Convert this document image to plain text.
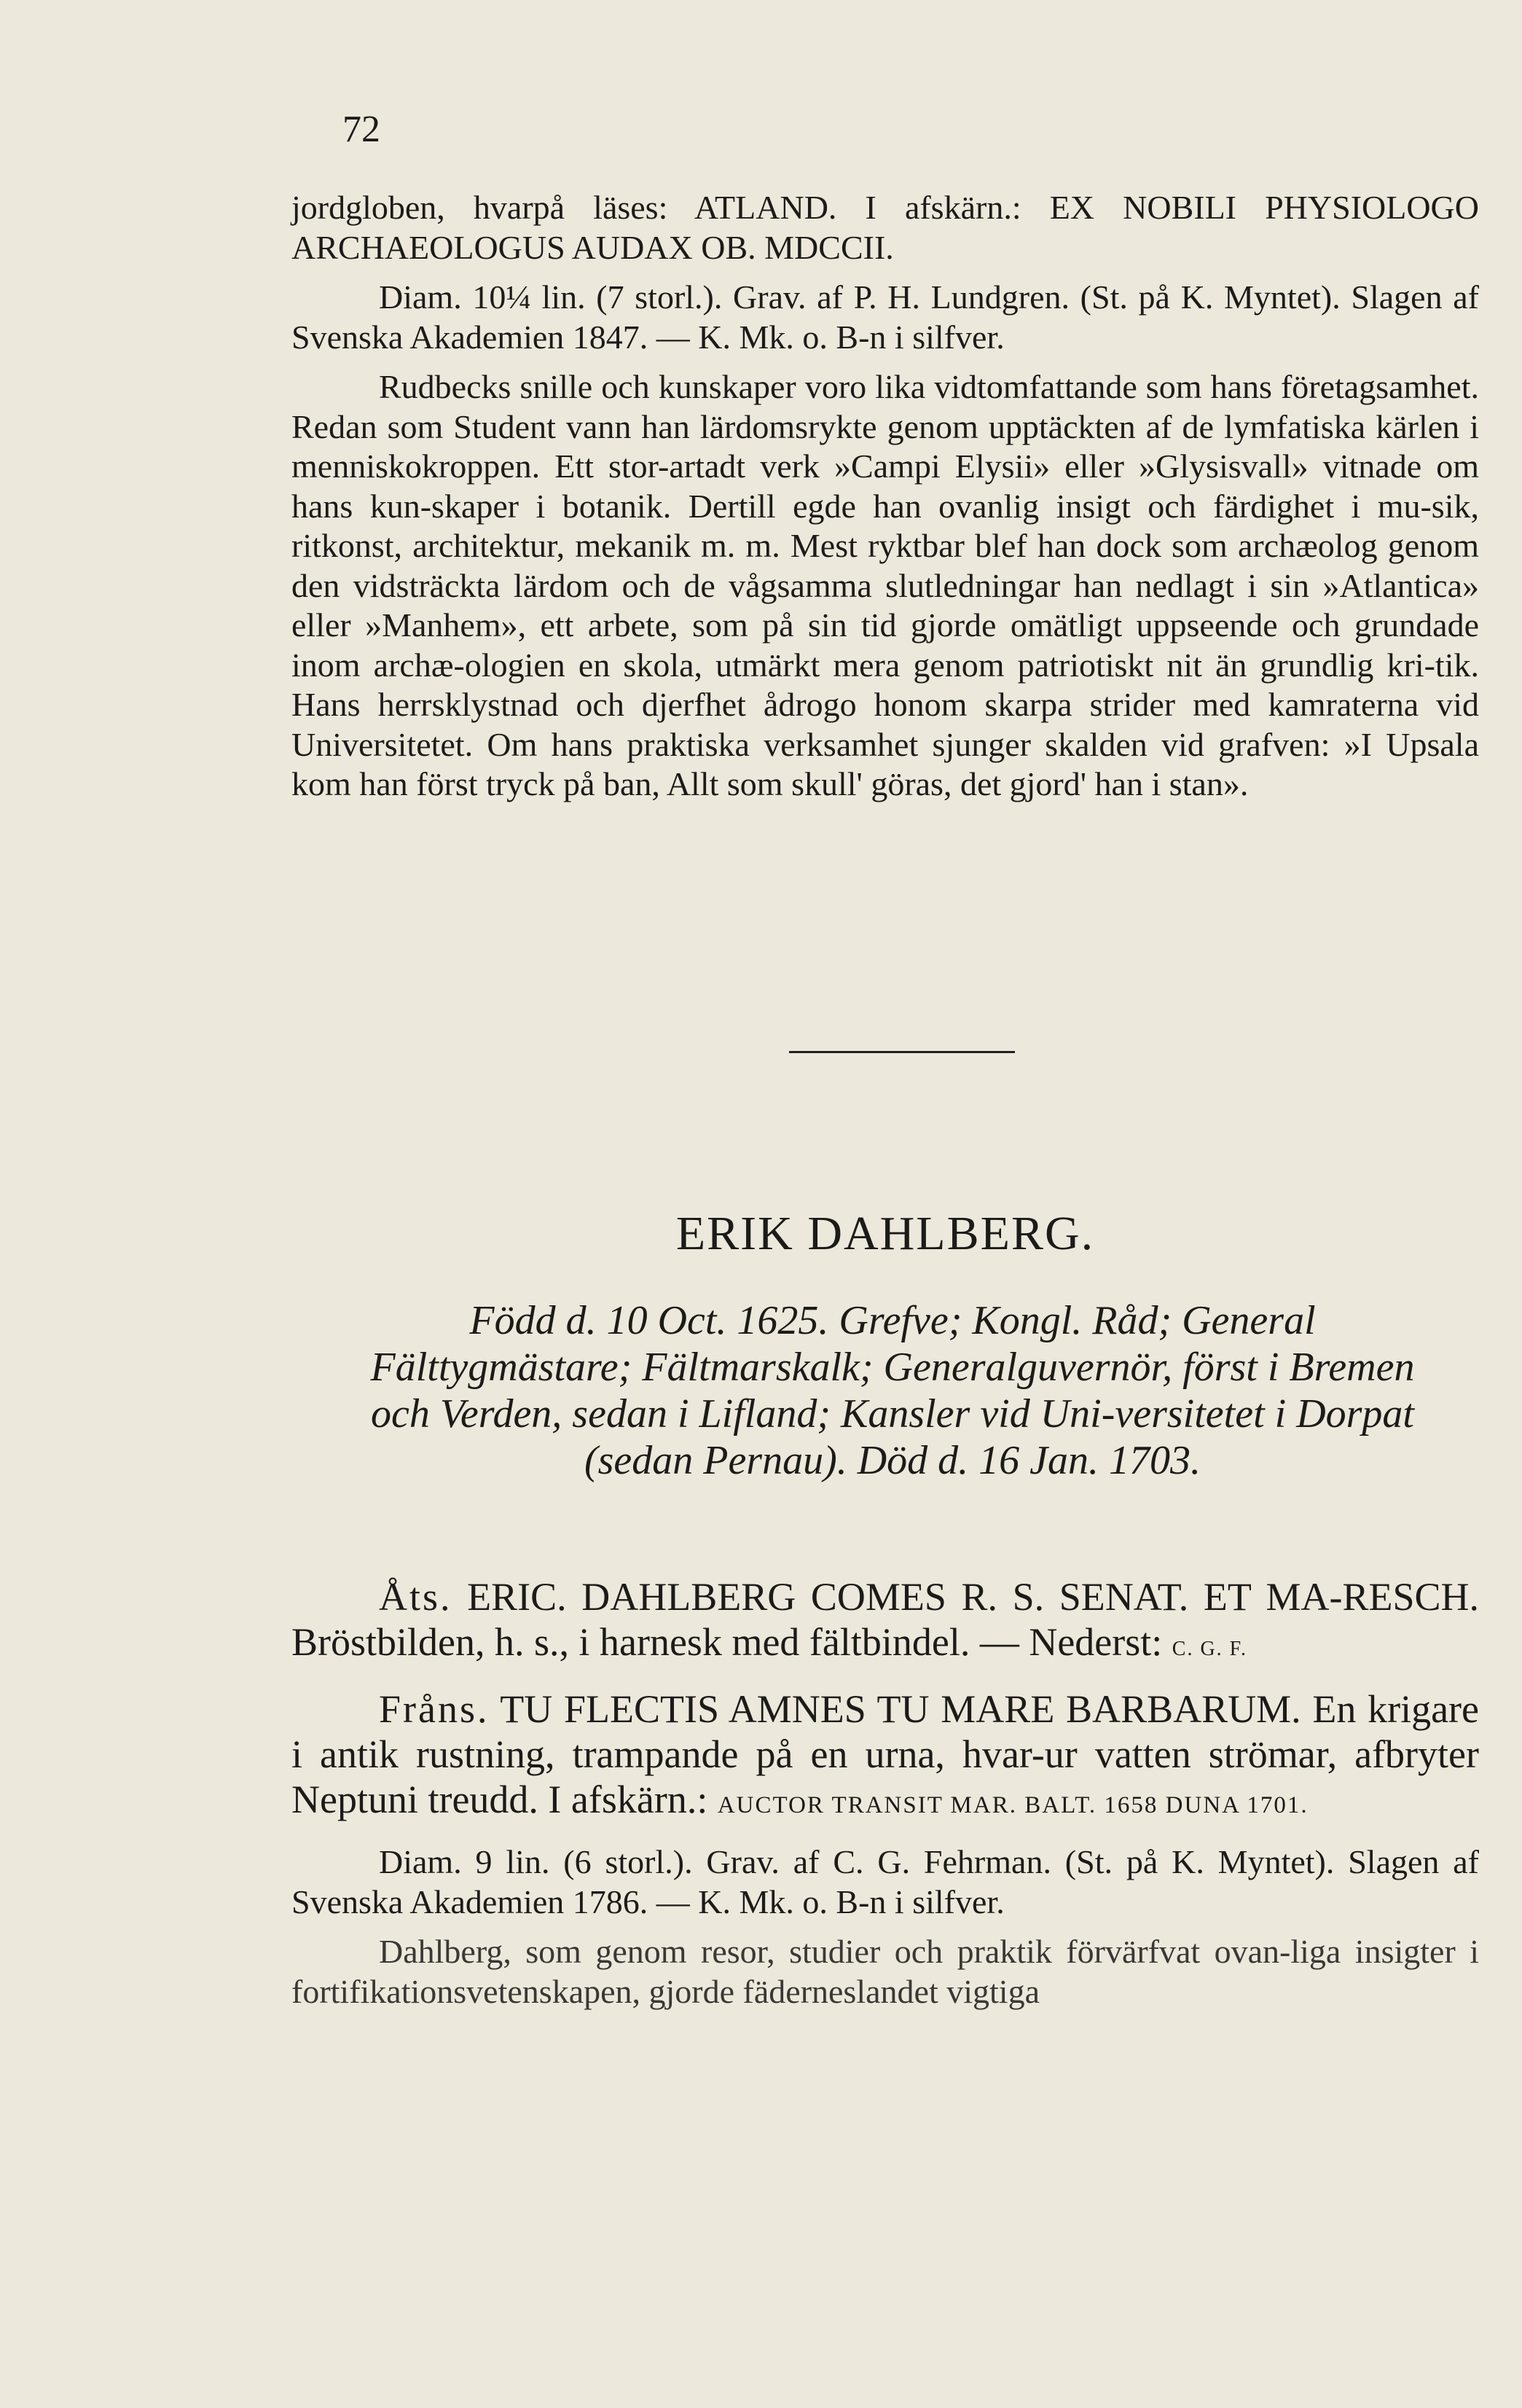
72

jordgloben, hvarpå läses: ATLAND. I afskärn.: EX NOBILI PHYSIOLOGO ARCHAEOLOGUS AUDAX OB. MDCCII.

Diam. 10¼ lin. (7 storl.). Grav. af P. H. Lundgren. (St. på K. Myntet). Slagen af Svenska Akademien 1847. — K. Mk. o. B-n i silfver.

Rudbecks snille och kunskaper voro lika vidtomfattande som hans företagsamhet. Redan som Student vann han lärdomsrykte genom upptäckten af de lymfatiska kärlen i menniskokroppen. Ett stor-artadt verk »Campi Elysii» eller »Glysisvall» vitnade om hans kun-skaper i botanik. Dertill egde han ovanlig insigt och färdighet i mu-sik, ritkonst, architektur, mekanik m. m. Mest ryktbar blef han dock som archæolog genom den vidsträckta lärdom och de vågsamma slutledningar han nedlagt i sin »Atlantica» eller »Manhem», ett arbete, som på sin tid gjorde omätligt uppseende och grundade inom archæ-ologien en skola, utmärkt mera genom patriotiskt nit än grundlig kri-tik. Hans herrsklystnad och djerfhet ådrogo honom skarpa strider med kamraterna vid Universitetet. Om hans praktiska verksamhet sjunger skalden vid grafven: »I Upsala kom han först tryck på ban, Allt som skull' göras, det gjord' han i stan».

ERIK DAHLBERG.
Född d. 10 Oct. 1625. Grefve; Kongl. Råd; General Fälttygmästare; Fältmarskalk; Generalguvernör, först i Bremen och Verden, sedan i Lifland; Kansler vid Uni-versitetet i Dorpat (sedan Pernau). Död d. 16 Jan. 1703.

Åts. ERIC. DAHLBERG COMES R. S. SENAT. ET MA-RESCH. Bröstbilden, h. s., i harnesk med fältbindel. — Nederst: C. G. F.

Fråns. TU FLECTIS AMNES TU MARE BARBARUM. En krigare i antik rustning, trampande på en urna, hvar-ur vatten strömar, afbryter Neptuni treudd. I afskärn.: AUCTOR TRANSIT MAR. BALT. 1658 DUNA 1701.

Diam. 9 lin. (6 storl.). Grav. af C. G. Fehrman. (St. på K. Myntet). Slagen af Svenska Akademien 1786. — K. Mk. o. B-n i silfver.

Dahlberg, som genom resor, studier och praktik förvärfvat ovan-liga insigter i fortifikationsvetenskapen, gjorde fäderneslandet vigtiga
